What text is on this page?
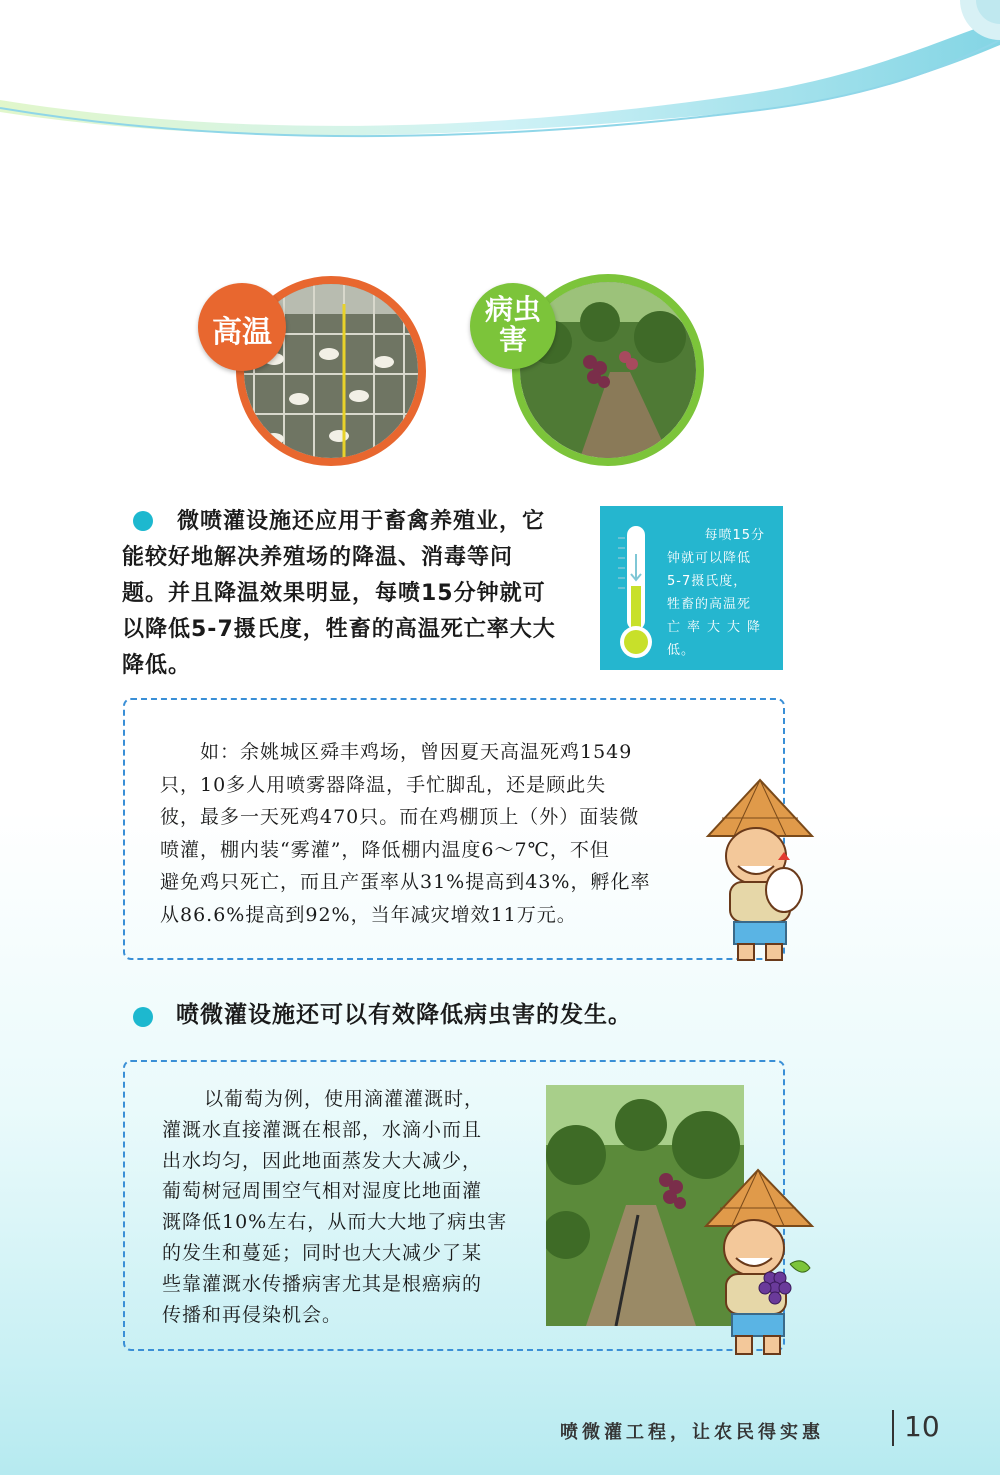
高温
病虫
害
微喷灌设施还应用于畜禽养殖业，它
能较好地解决养殖场的降温、消毒等问
题。并且降温效果明显，每喷15分钟就可
以降低5-7摄氏度，牲畜的高温死亡率大大
降低。
每喷15分
钟就可以降低
5-7摄氏度，
牲畜的高温死
亡率大大降
低。
如：余姚城区舜丰鸡场，曾因夏天高温死鸡1549
只，10多人用喷雾器降温，手忙脚乱，还是顾此失
彼，最多一天死鸡470只。而在鸡棚顶上（外）面装微
喷灌，棚内装“雾灌”，降低棚内温度6～7℃，不但
避免鸡只死亡，而且产蛋率从31%提高到43%，孵化率
从86.6%提高到92%，当年减灾增效11万元。
喷微灌设施还可以有效降低病虫害的发生。
以葡萄为例，使用滴灌灌溉时，
灌溉水直接灌溉在根部，水滴小而且
出水均匀，因此地面蒸发大大减少，
葡萄树冠周围空气相对湿度比地面灌
溉降低10%左右，从而大大地了病虫害
的发生和蔓延；同时也大大减少了某
些靠灌溉水传播病害尤其是根癌病的
传播和再侵染机会。
喷微灌工程，让农民得实惠	10
